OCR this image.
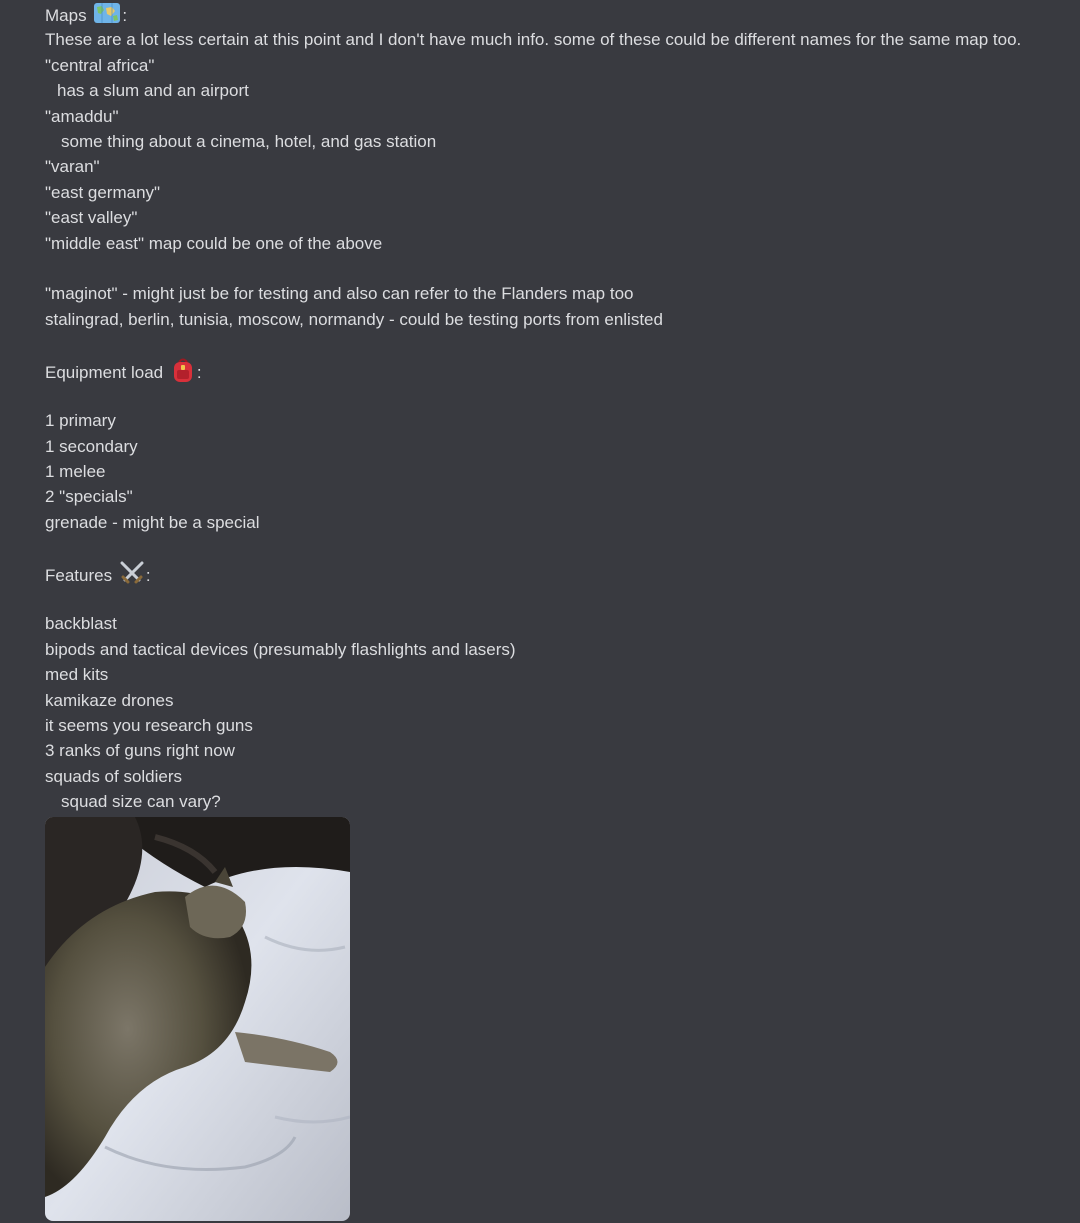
Maps :
These are a lot less certain at this point and I don't have much info. some of these could be different names for the same map too.
"central africa"
has a slum and an airport
"amaddu"
some thing about a cinema, hotel, and gas station
"varan"
"east germany"
"east valley"
"middle east" map could be one of the above
"maginot" - might just be for testing and also can refer to the Flanders map too
stalingrad, berlin, tunisia, moscow, normandy - could be testing ports from enlisted
Equipment load :
1 primary
1 secondary
1 melee
2 "specials"
grenade - might be a special
Features :
backblast
bipods and tactical devices (presumably flashlights and lasers)
med kits
kamikaze drones
it seems you research guns
3 ranks of guns right now
squads of soldiers
squad size can vary?
